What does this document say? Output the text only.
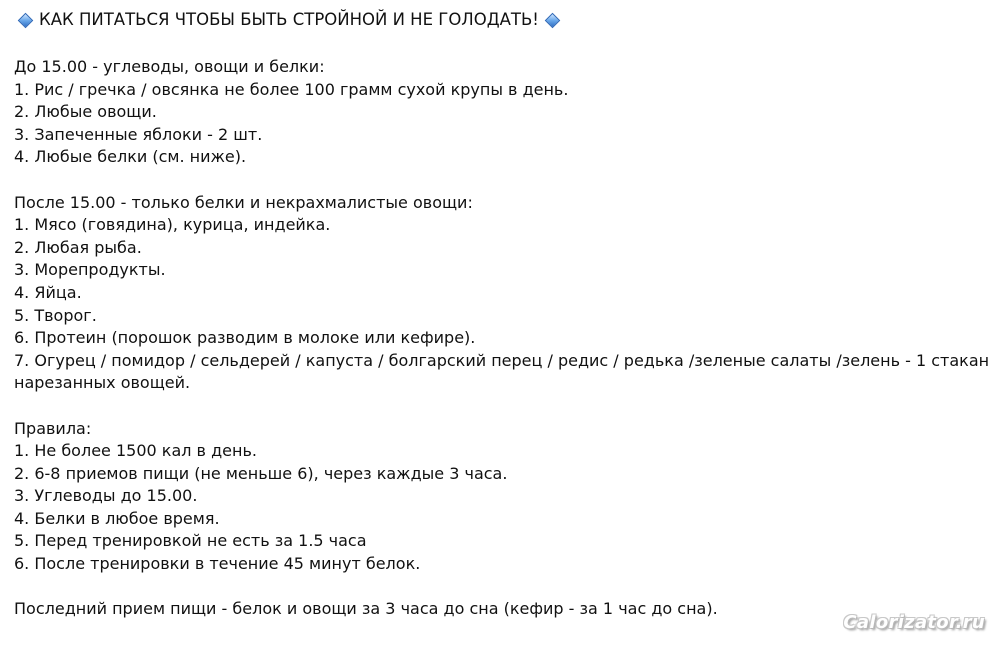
КАК ПИТАТЬСЯ ЧТОБЫ БЫТЬ СТРОЙНОЙ И НЕ ГОЛОДАТЬ!
До 15.00 - углеводы, овощи и белки:
1. Рис / гречка / овсянка не более 100 грамм сухой крупы в день.
2. Любые овощи.
3. Запеченные яблоки - 2 шт.
4. Любые белки (см. ниже).
После 15.00 - только белки и некрахмалистые овощи:
1. Мясо (говядина), курица, индейка.
2. Любая рыба.
3. Морепродукты.
4. Яйца.
5. Творог.
6. Протеин (порошок разводим в молоке или кефире).
7. Огурец / помидор / сельдерей / капуста / болгарский перец / редис / редька /зеленые салаты /зелень - 1 стакан
нарезанных овощей.
Правила:
1. Не более 1500 кал в день.
2. 6-8 приемов пищи (не меньше 6), через каждые 3 часа.
3. Углеводы до 15.00.
4. Белки в любое время.
5. Перед тренировкой не есть за 1.5 часа
6. После тренировки в течение 45 минут белок.
Последний прием пищи - белок и овощи за 3 часа до сна (кефир - за 1 час до сна).
Calorizator.ru
